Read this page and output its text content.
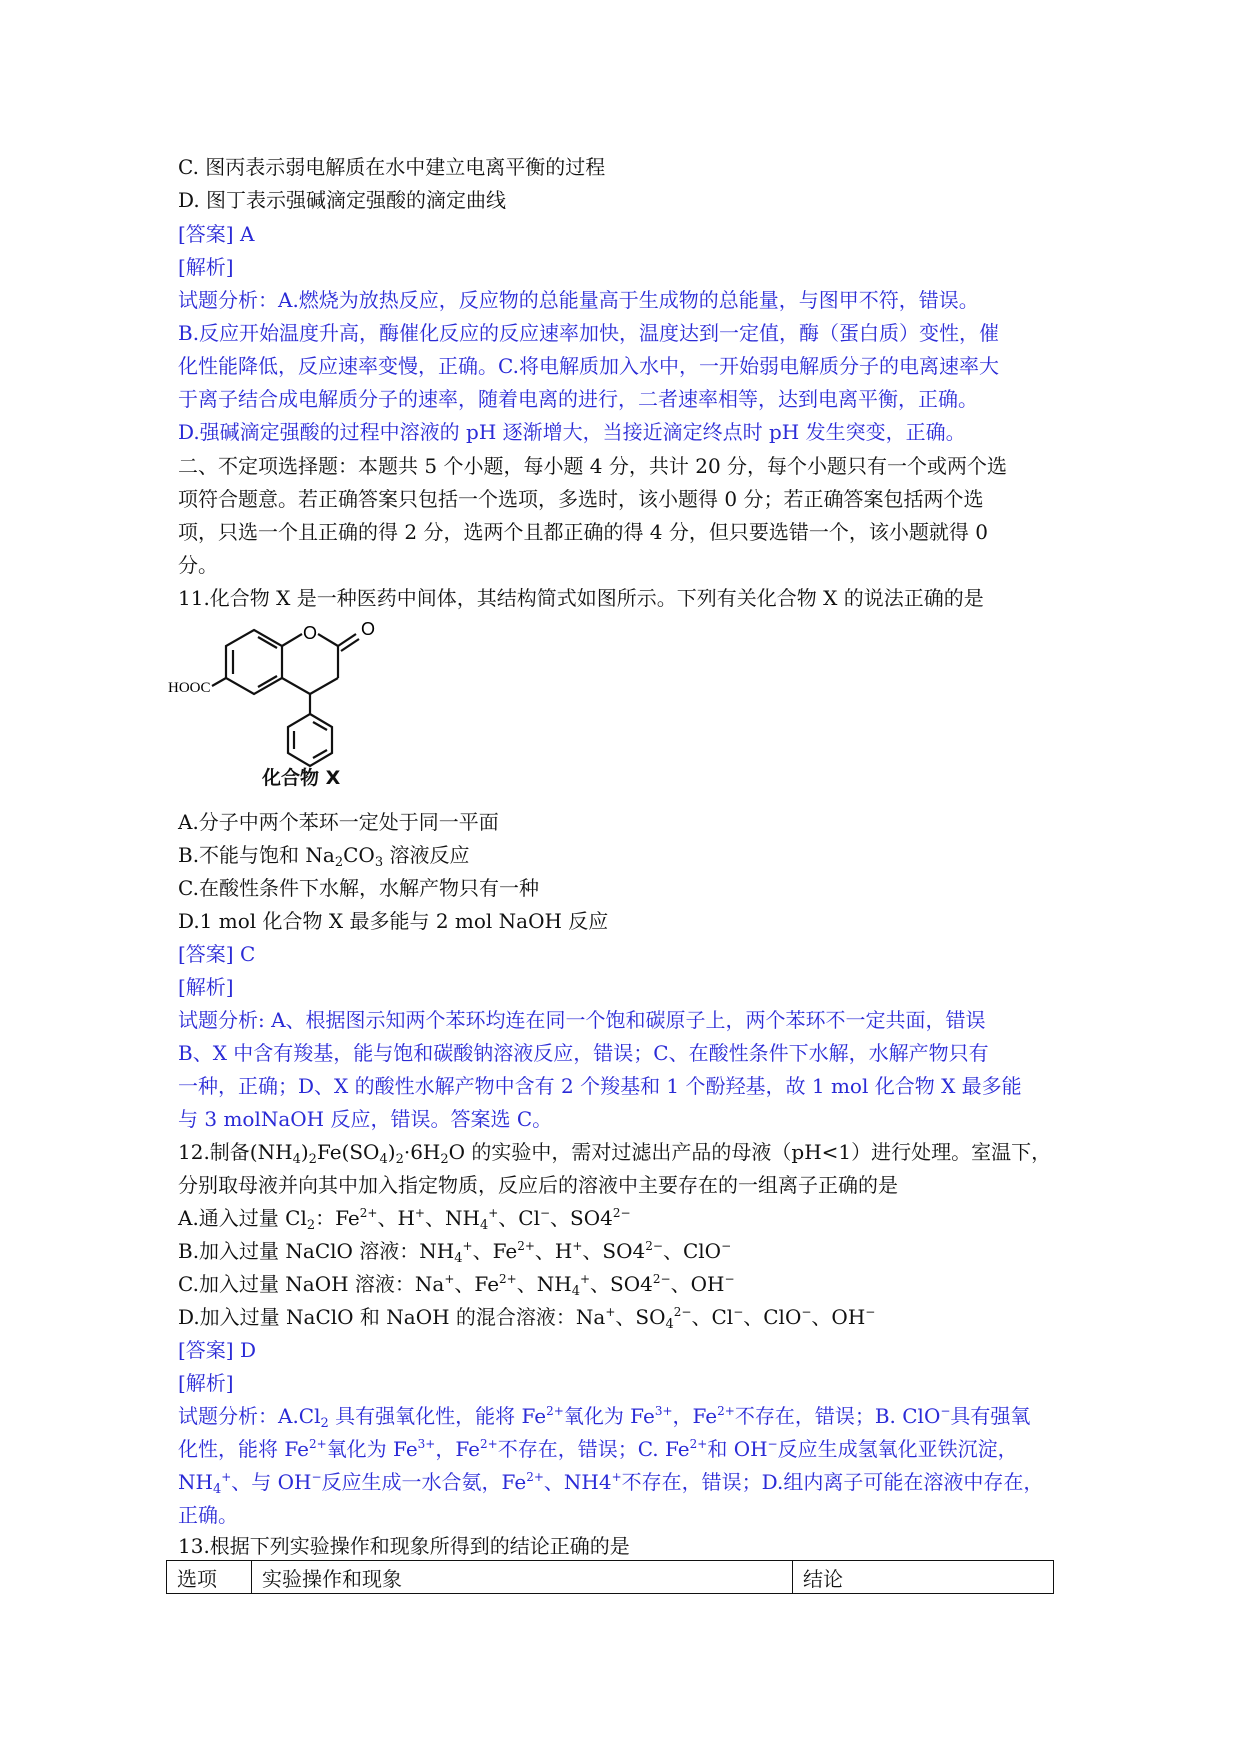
C. 图丙表示弱电解质在水中建立电离平衡的过程
D. 图丁表示强碱滴定强酸的滴定曲线
[答案] A
[解析]
试题分析：A.燃烧为放热反应，反应物的总能量高于生成物的总能量，与图甲不符，错误。
B.反应开始温度升高，酶催化反应的反应速率加快，温度达到一定值，酶（蛋白质）变性，催
化性能降低，反应速率变慢，正确。C.将电解质加入水中，一开始弱电解质分子的电离速率大
于离子结合成电解质分子的速率，随着电离的进行，二者速率相等，达到电离平衡，正确。
D.强碱滴定强酸的过程中溶液的 pH 逐渐增大，当接近滴定终点时 pH 发生突变，正确。
二、不定项选择题：本题共 5 个小题，每小题 4 分，共计 20 分，每个小题只有一个或两个选
项符合题意。若正确答案只包括一个选项，多选时，该小题得 0 分；若正确答案包括两个选
项，只选一个且正确的得 2 分，选两个且都正确的得 4 分，但只要选错一个，该小题就得 0
分。
11.化合物 X 是一种医药中间体，其结构简式如图所示。下列有关化合物 X 的说法正确的是
O O
HOOC
化合物 X
A.分子中两个苯环一定处于同一平面
B.不能与饱和 $Na_2CO_3$ 溶液反应
C.在酸性条件下水解，水解产物只有一种
D.1 mol 化合物 X 最多能与 2 mol NaOH 反应
[答案] C
[解析]
试题分析: A、根据图示知两个苯环均连在同一个饱和碳原子上，两个苯环不一定共面，错误
B、X 中含有羧基，能与饱和碳酸钠溶液反应，错误；C、在酸性条件下水解，水解产物只有
一种，正确；D、X 的酸性水解产物中含有 2 个羧基和 1 个酚羟基，故 1 mol 化合物 X 最多能
与 3 molNaOH 反应，错误。答案选 C。
12.制备$(NH_4)_2Fe(SO_4)_2\cdot 6H_2O$ 的实验中，需对过滤出产品的母液（pH<1）进行处理。室温下，
分别取母液并向其中加入指定物质，反应后的溶液中主要存在的一组离子正确的是
A.通入过量 $Cl_2$：$Fe^{2+}$、H+、$NH_4^+$、Cl−、$SO4^{2-}$
B.加入过量 NaClO 溶液：$NH_4^+$、$Fe^{2+}$、H+、$SO4^{2-}$、ClO−
C.加入过量 NaOH 溶液：Na+、$Fe^{2+}$、$NH_4^+$、$SO4^{2-}$、OH−
D.加入过量 NaClO 和 NaOH 的混合溶液：Na+、$SO_4^{2-}$、Cl−、ClO−、OH−
[答案] D
[解析]
试题分析：$A.Cl_2$ 具有强氧化性，能将 $Fe^{2+}$氧化为 $Fe^{3+}$，$Fe^{2+}$不存在，错误；B. ClO−具有强氧
化性，能将 $Fe^{2+}$氧化为 $Fe^{3+}$，$Fe^{2+}$不存在，错误；C. $Fe^{2+}$和 OH−反应生成氢氧化亚铁沉淀，
$NH_4^+$、与 OH−反应生成一水合氨，$Fe^{2+}$、NH4+不存在，错误；D.组内离子可能在溶液中存在，
正确。
13.根据下列实验操作和现象所得到的结论正确的是
选项	实验操作和现象	结论
